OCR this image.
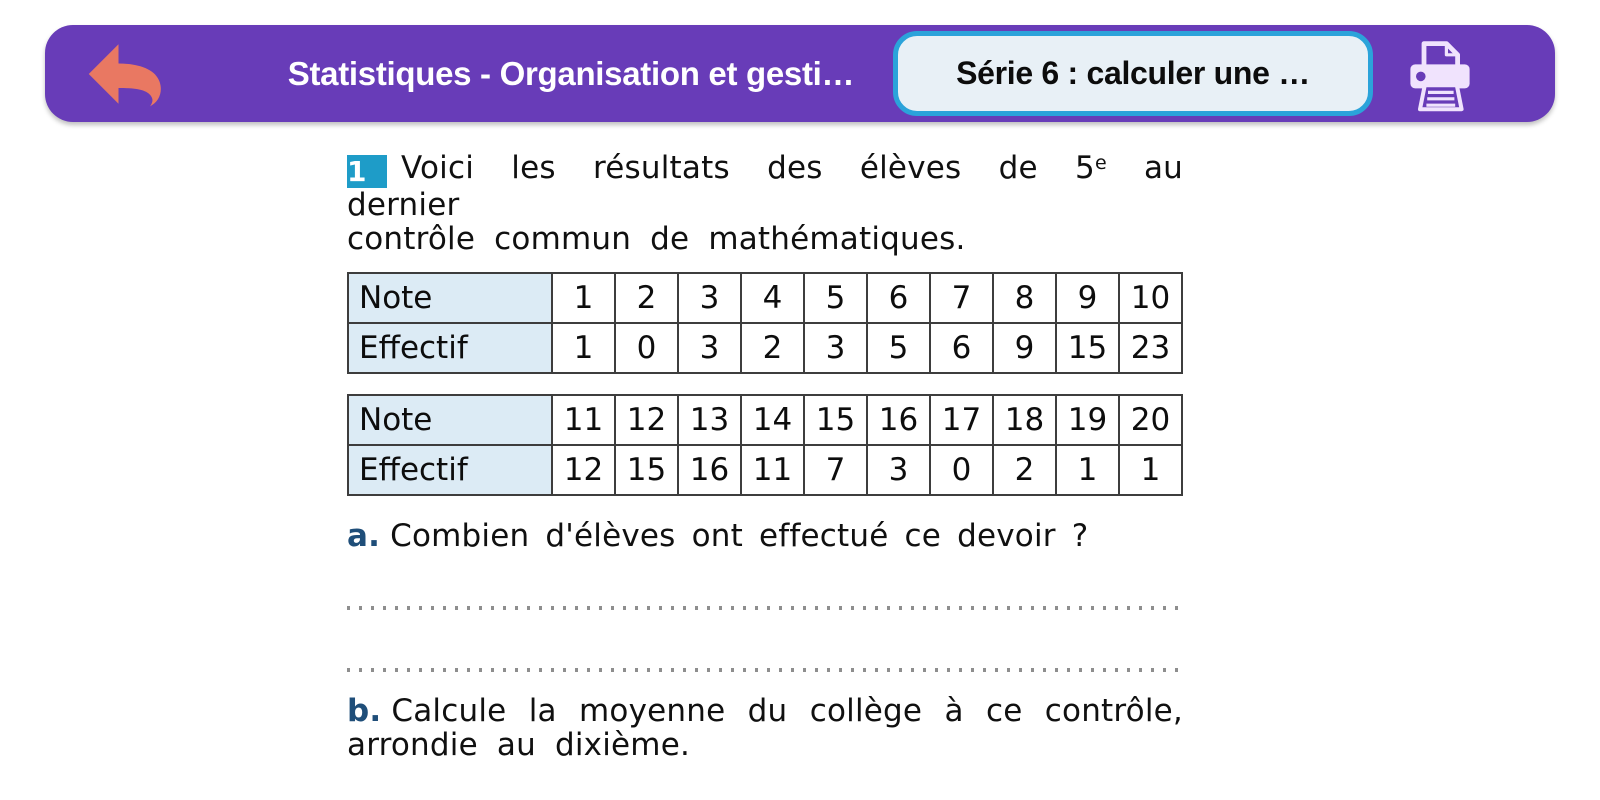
Statistiques - Organisation et gesti…	Série 6 : calculer une …
1 Voici les résultats des élèves de 5e au dernier
contrôle commun de mathématiques.
Note	1	2	3	4	5	6	7	8	9	10
Effectif	1	0	3	2	3	5	6	9	15	23
Note	11	12	13	14	15	16	17	18	19	20
Effectif	12	15	16	11	7	3	0	2	1	1

a. Combien d'élèves ont effectué ce devoir ?

b. Calcule la moyenne du collège à ce contrôle,
arrondie au dixième.
